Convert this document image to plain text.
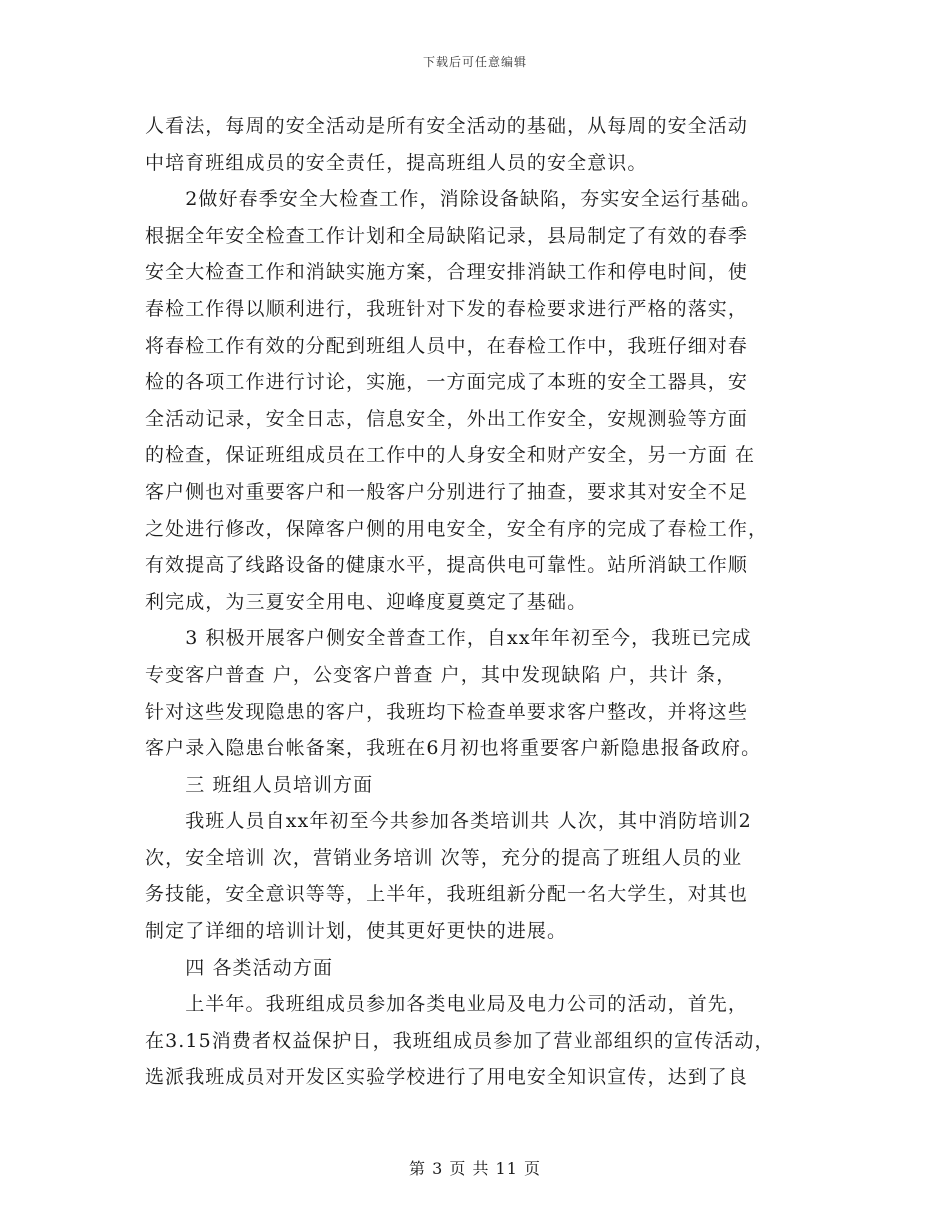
下载后可任意编辑
人看法，每周的安全活动是所有安全活动的基础，从每周的安全活动
中培育班组成员的安全责任，提高班组人员的安全意识。
　　2做好春季安全大检查工作，消除设备缺陷，夯实安全运行基础。
根据全年安全检查工作计划和全局缺陷记录，县局制定了有效的春季
安全大检查工作和消缺实施方案，合理安排消缺工作和停电时间，使
春检工作得以顺利进行，我班针对下发的春检要求进行严格的落实，
将春检工作有效的分配到班组人员中，在春检工作中，我班仔细对春
检的各项工作进行讨论，实施，一方面完成了本班的安全工器具，安
全活动记录，安全日志，信息安全，外出工作安全，安规测验等方面
的检查，保证班组成员在工作中的人身安全和财产安全，另一方面 在
客户侧也对重要客户和一般客户分别进行了抽查，要求其对安全不足
之处进行修改，保障客户侧的用电安全，安全有序的完成了春检工作，
有效提高了线路设备的健康水平，提高供电可靠性。站所消缺工作顺
利完成，为三夏安全用电、迎峰度夏奠定了基础。
　　3 积极开展客户侧安全普查工作，自xx年年初至今，我班已完成
专变客户普查 户，公变客户普查 户，其中发现缺陷 户，共计 条，
针对这些发现隐患的客户，我班均下检查单要求客户整改，并将这些
客户录入隐患台帐备案，我班在6月初也将重要客户新隐患报备政府。
　　三 班组人员培训方面
　　我班人员自xx年初至今共参加各类培训共 人次，其中消防培训2
次，安全培训 次，营销业务培训 次等，充分的提高了班组人员的业
务技能，安全意识等等，上半年，我班组新分配一名大学生，对其也
制定了详细的培训计划，使其更好更快的进展。
　　四 各类活动方面
　　上半年。我班组成员参加各类电业局及电力公司的活动，首先，
在3.15消费者权益保护日，我班组成员参加了营业部组织的宣传活动，
选派我班成员对开发区实验学校进行了用电安全知识宣传，达到了良
第 3 页 共 11 页
